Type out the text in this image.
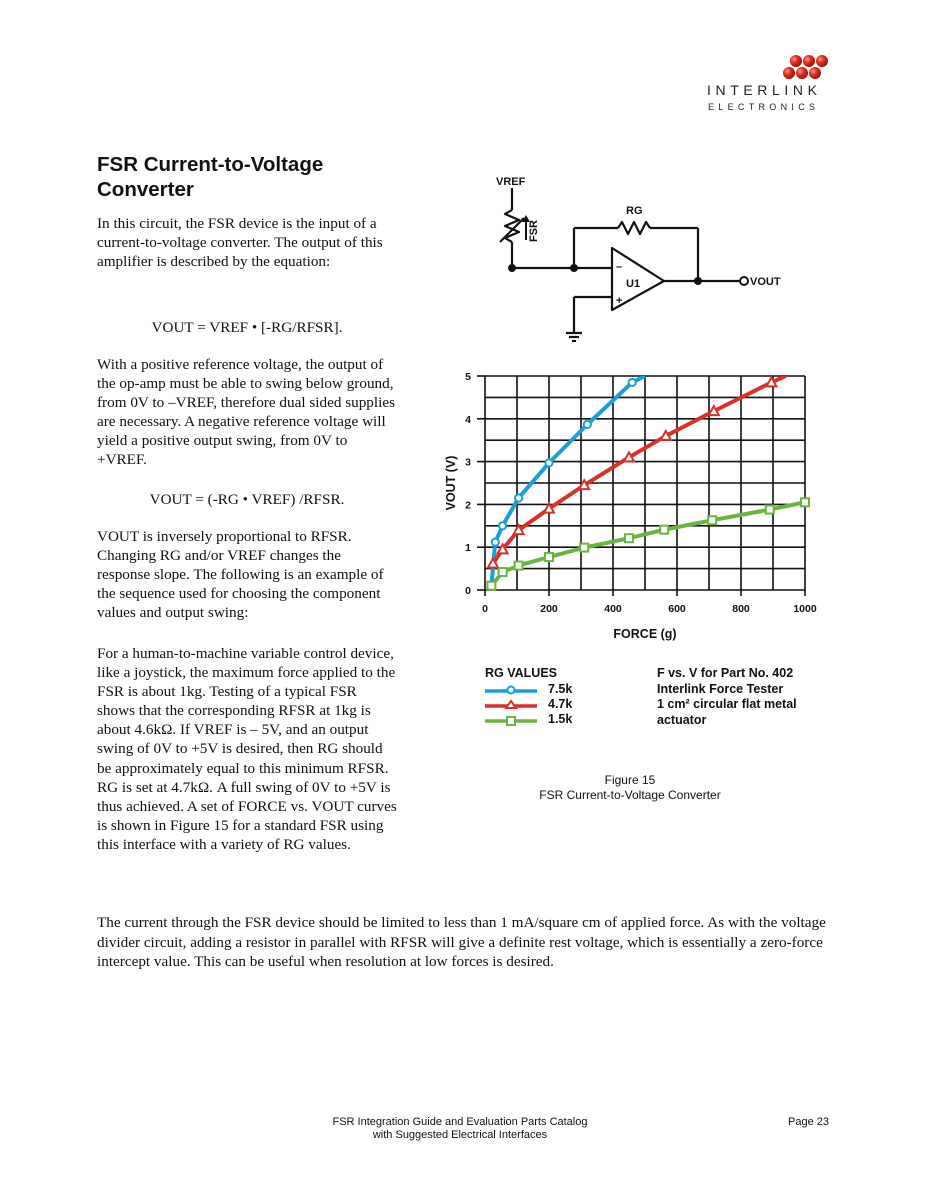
INTERLINK
ELECTRONICS
FSR Current-to-Voltage
Converter
In this circuit, the FSR device is the input of a current-to-voltage converter. The output of this amplifier is described by the equation:
VOUT = VREF • [-RG/RFSR].
With a positive reference voltage, the output of the op-amp must be able to swing below ground, from 0V to –VREF, therefore dual sided supplies are necessary. A negative reference voltage will yield a positive output swing, from 0V to +VREF.
VOUT = (-RG • VREF) /RFSR.
VOUT is inversely proportional to RFSR. Changing RG and/or VREF changes the response slope. The following is an example of the sequence used for choosing the component values and output swing:
For a human-to-machine variable control device, like a joystick, the maximum force applied to the FSR is about 1kg. Testing of a typical FSR shows that the corresponding RFSR at 1kg is about 4.6kΩ. If VREF is – 5V, and an output swing of 0V to +5V is desired, then RG should be approximately equal to this minimum RFSR. RG is set at 4.7kΩ. A full swing of 0V to +5V is thus achieved. A set of FORCE vs. VOUT curves is shown in Figure 15 for a standard FSR using this interface with a variety of RG values.
VREF
RG
U1
–
+
VOUT
FSR
0
1
2
3
4
5
0	200	400	600	800	1000
FORCE (g)
VOUT (V)
RG VALUES
7.5k
4.7k
1.5k
F vs. V for Part No. 402
Interlink Force Tester
1 cm² circular flat metal
actuator
Figure 15
FSR Current-to-Voltage Converter
The current through the FSR device should be limited to less than 1 mA/square cm of applied force. As with the voltage divider circuit, adding a resistor in parallel with RFSR will give a definite rest voltage, which is essentially a zero-force intercept value. This can be useful when resolution at low forces is desired.
FSR Integration Guide and Evaluation Parts Catalog
with Suggested Electrical Interfaces
Page 23
